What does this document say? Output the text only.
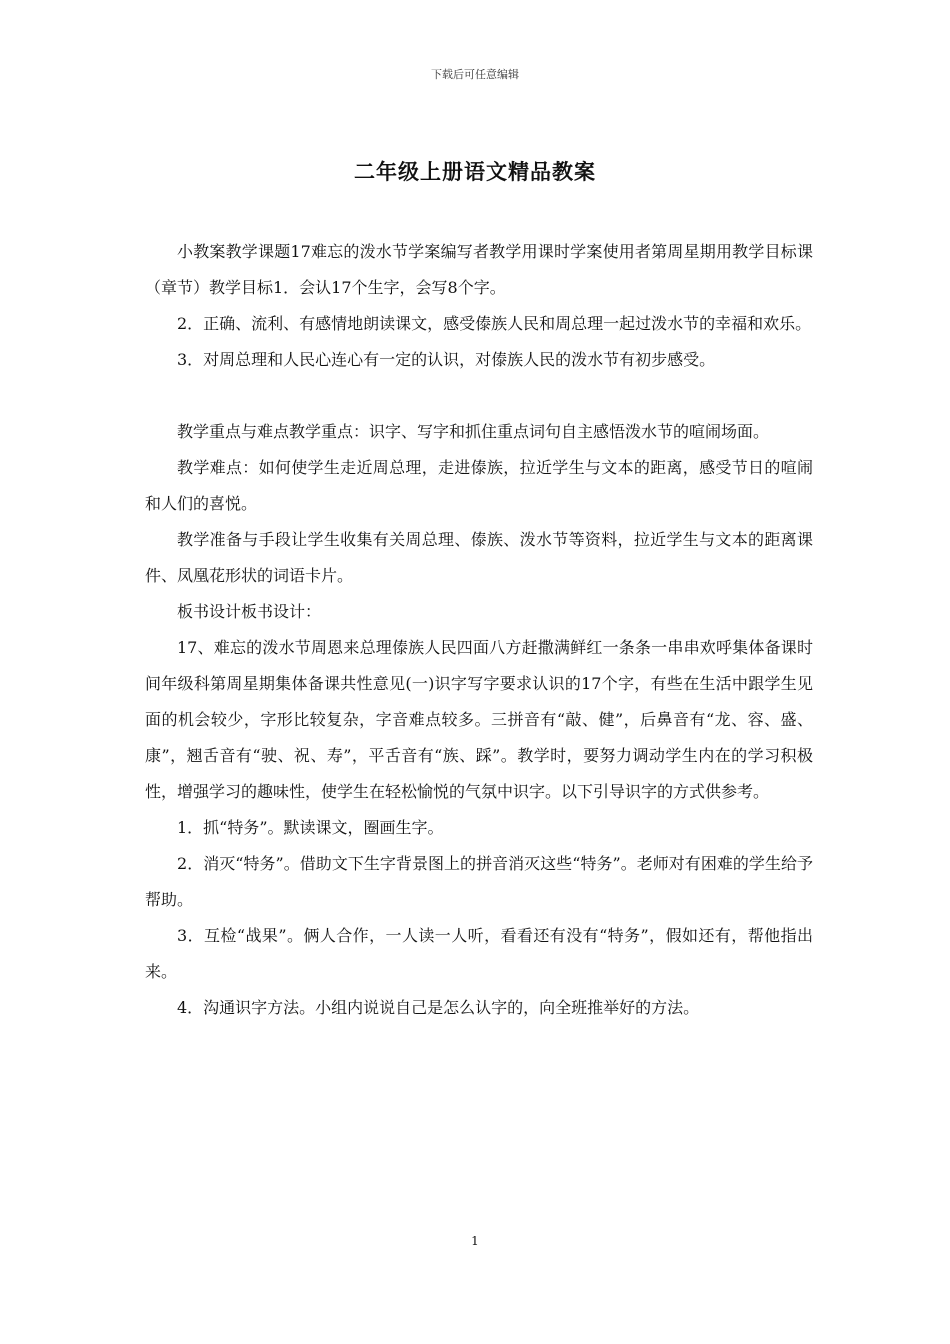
下载后可任意编辑
二年级上册语文精品教案

小教案教学课题17难忘的泼水节学案编写者教学用课时学案使用者第周星期用教学目标课（章节）教学目标1．会认17个生字，会写8个字。

2．正确、流利、有感情地朗读课文，感受傣族人民和周总理一起过泼水节的幸福和欢乐。

3．对周总理和人民心连心有一定的认识，对傣族人民的泼水节有初步感受。

教学重点与难点教学重点：识字、写字和抓住重点词句自主感悟泼水节的喧闹场面。

教学难点：如何使学生走近周总理，走进傣族，拉近学生与文本的距离，感受节日的喧闹和人们的喜悦。

教学准备与手段让学生收集有关周总理、傣族、泼水节等资料，拉近学生与文本的距离课件、凤凰花形状的词语卡片。

板书设计板书设计：

17、难忘的泼水节周恩来总理傣族人民四面八方赶撒满鲜红一条条一串串欢呼集体备课时间年级科第周星期集体备课共性意见(一)识字写字要求认识的17个字，有些在生活中跟学生见面的机会较少，字形比较复杂，字音难点较多。三拼音有“敲、健”，后鼻音有“龙、容、盛、康”，翘舌音有“驶、祝、寿”，平舌音有“族、踩”。教学时，要努力调动学生内在的学习积极性，增强学习的趣味性，使学生在轻松愉悦的气氛中识字。以下引导识字的方式供参考。

1．抓“特务”。默读课文，圈画生字。

2．消灭“特务”。借助文下生字背景图上的拼音消灭这些“特务”。老师对有困难的学生给予帮助。

3．互检“战果”。俩人合作，一人读一人听，看看还有没有“特务”，假如还有，帮他指出来。

4．沟通识字方法。小组内说说自己是怎么认字的，向全班推举好的方法。

1
